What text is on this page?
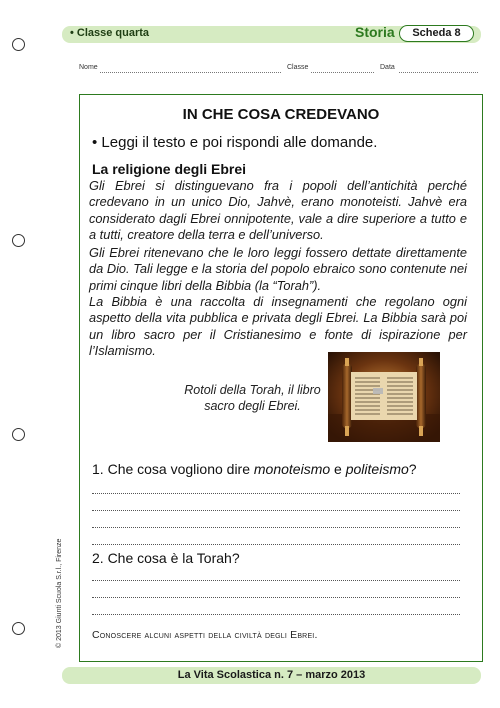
• Classe quarta	Storia	Scheda 8
Nome	Classe	Data
IN CHE COSA CREDEVANO
• Leggi il testo e poi rispondi alle domande.
La religione degli Ebrei

Gli Ebrei si distinguevano fra i popoli dell’antichità perché credevano in un unico Dio, Jahvè, erano monoteisti. Jahvè era considerato dagli Ebrei onnipotente, vale a dire superiore a tutto e a tutti, creatore della terra e dell’universo.

Gli Ebrei ritenevano che le loro leggi fossero dettate direttamente da Dio. Tali legge e la storia del popolo ebraico sono contenute nei primi cinque libri della Bibbia (la “Torah”).

La Bibbia è una raccolta di insegnamenti che regolano ogni aspetto della vita pubblica e privata degli Ebrei. La Bibbia sarà poi un libro sacro per il Cristianesimo e fonte di ispirazione per l’Islamismo.

Rotoli della Torah, il libro sacro degli Ebrei.
1. Che cosa vogliono dire monoteismo e politeismo?
2. Che cosa è la Torah?
Conoscere alcuni aspetti della civiltà degli Ebrei.
© 2013 Giunti Scuola S.r.l., Firenze
La Vita Scolastica n. 7 – marzo 2013
